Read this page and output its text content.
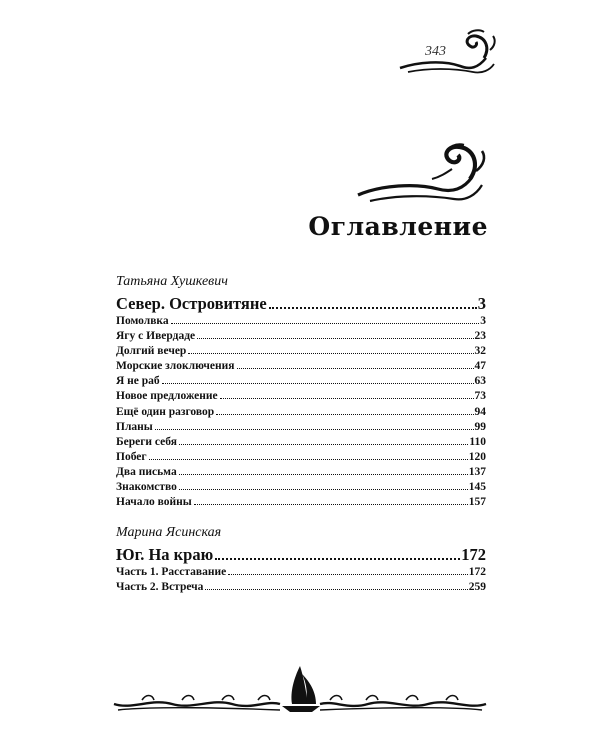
343
Оглавление
Татьяна Хушкевич
Север. Островитяне	3
Помолвка	3
Ягу с Ивердаде	23
Долгий вечер	32
Морские злоключения	47
Я не раб	63
Новое предложение	73
Ещё один разговор	94
Планы	99
Береги себя	110
Побег	120
Два письма	137
Знакомство	145
Начало войны	157
Марина Ясинская
Юг. На краю	172
Часть 1. Расставание	172
Часть 2. Встреча	259
